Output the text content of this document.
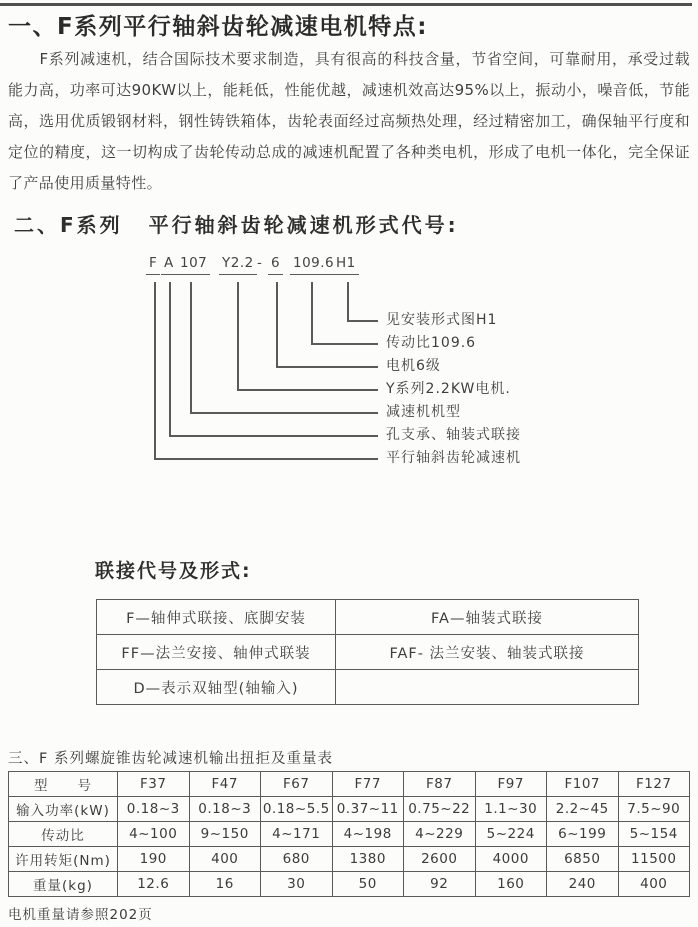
一、F系列平行轴斜齿轮减速电机特点:
F系列减速机，结合国际技术要求制造，具有很高的科技含量，节省空间，可靠耐用，承受过载能力高，功率可达90KW以上，能耗低，性能优越，减速机效高达95%以上，振动小，噪音低，节能高，选用优质锻钢材料，钢性铸铁箱体，齿轮表面经过高频热处理，经过精密加工，确保轴平行度和定位的精度，这一切构成了齿轮传动总成的减速机配置了各种类电机，形成了电机一体化，完全保证了产品使用质量特性。
二、F系列 平行轴斜齿轮减速机形式代号:
F A 107 Y2.2 - 6 109.6 H1
见安装形式图H1
传动比109.6
电机6级
Y系列2.2KW电机.
减速机机型
孔支承、轴装式联接
平行轴斜齿轮减速机
联接代号及形式:
F—轴伸式联接、底脚安装	FA—轴装式联接
FF—法兰安接、轴伸式联装	FAF- 法兰安装、轴装式联接
D—表示双轴型(轴输入)	
三、F 系列螺旋锥齿轮减速机输出扭拒及重量表
型　　号	F37	F47	F67	F77	F87	F97	F107	F127
输入功率(kW)	0.18~3	0.18~3	0.18~5.5	0.37~11	0.75~22	1.1~30	2.2~45	7.5~90
传动比	4~100	9~150	4~171	4~198	4~229	5~224	6~199	5~154
许用转矩(Nm)	190	400	680	1380	2600	4000	6850	11500
重量(kg)	12.6	16	30	50	92	160	240	400
电机重量请参照202页
